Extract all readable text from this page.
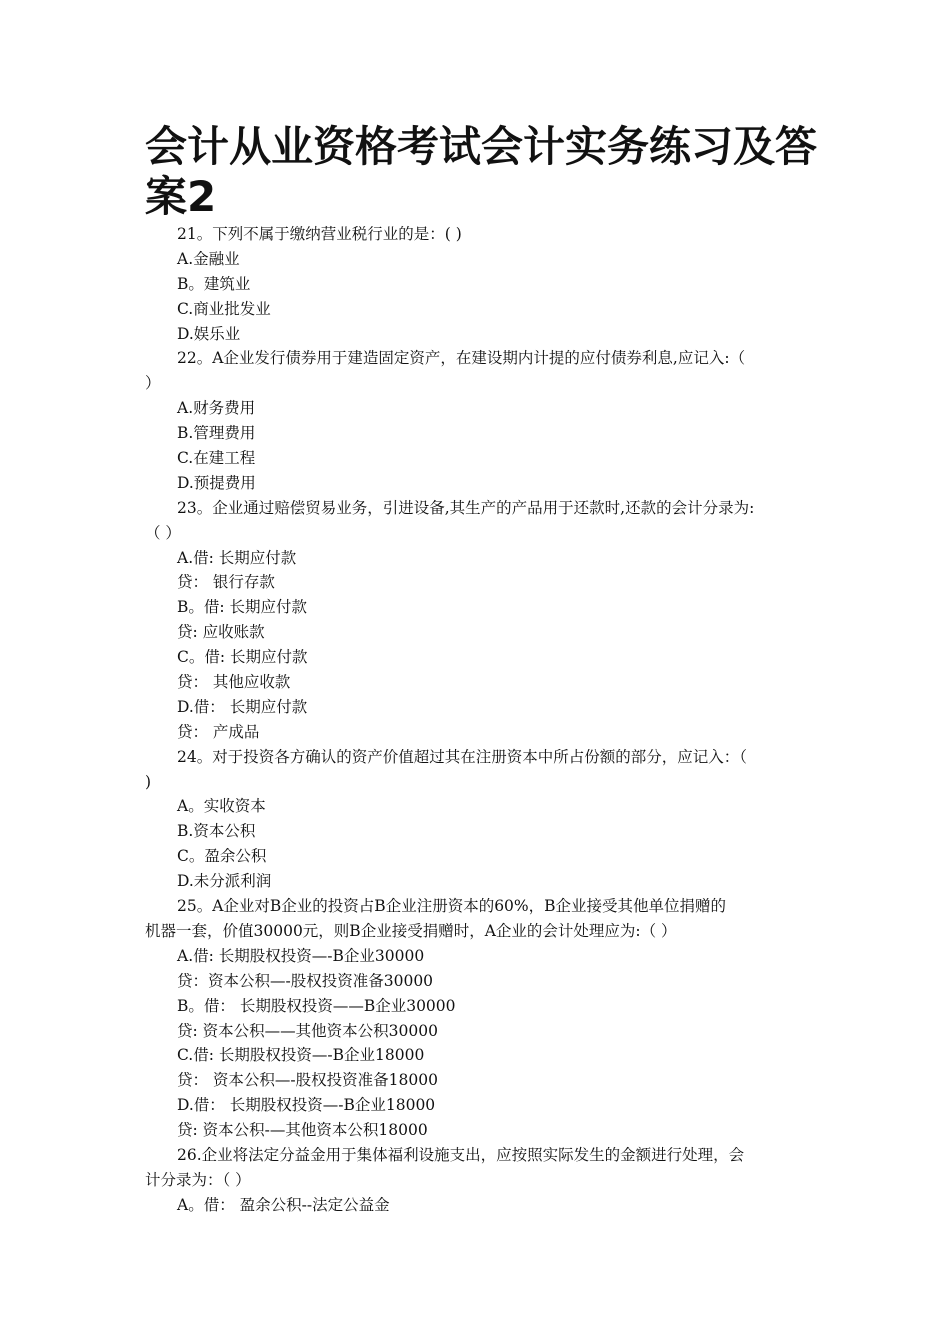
会计从业资格考试会计实务练习及答案2

21。下列不属于缴纳营业税行业的是：( )

A.金融业

B。建筑业

C.商业批发业

D.娱乐业

22。A企业发行债券用于建造固定资产，在建设期内计提的应付债券利息,应记入:（

）

A.财务费用

B.管理费用

C.在建工程

D.预提费用

23。企业通过赔偿贸易业务，引进设备,其生产的产品用于还款时,还款的会计分录为:

（ ）

A.借: 长期应付款

贷： 银行存款

B。借: 长期应付款

贷: 应收账款

C。借: 长期应付款

贷： 其他应收款

D.借： 长期应付款

贷： 产成品

24。对于投资各方确认的资产价值超过其在注册资本中所占份额的部分，应记入：（

)

A。实收资本

B.资本公积

C。盈余公积

D.未分派利润

25。A企业对B企业的投资占B企业注册资本的60%，B企业接受其他单位捐赠的

机器一套，价值30000元，则B企业接受捐赠时，A企业的会计处理应为:（ ）

A.借: 长期股权投资—-B企业30000

贷：资本公积—-股权投资准备30000

B。借： 长期股权投资——B企业30000

贷: 资本公积——其他资本公积30000

C.借: 长期股权投资—-B企业18000

贷： 资本公积—-股权投资准备18000

D.借： 长期股权投资—-B企业18000

贷: 资本公积-—其他资本公积18000

26.企业将法定分益金用于集体福利设施支出，应按照实际发生的金额进行处理，会

计分录为：（ ）

A。借： 盈余公积--法定公益金
